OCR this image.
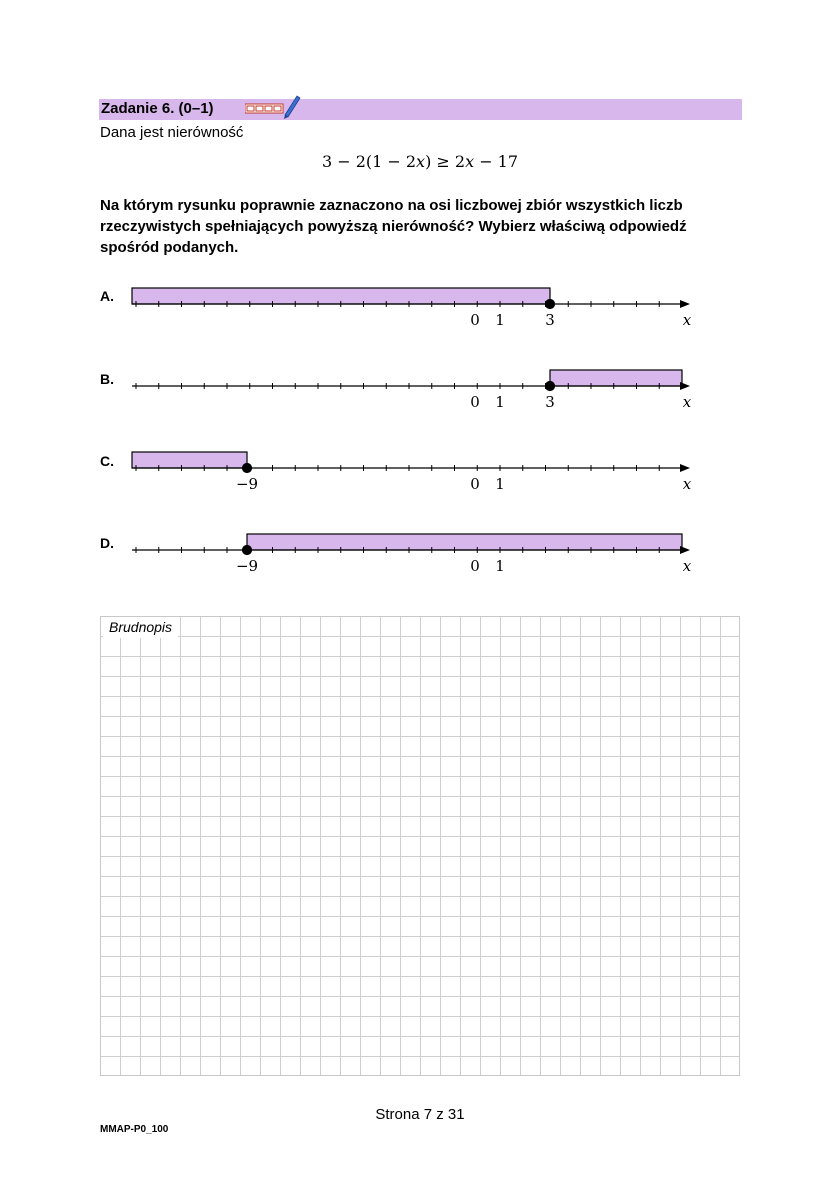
Zadanie 6. (0–1)
Dana jest nierówność
3 − 2(1 − 2𝑥) ≥ 2𝑥 − 17
Na którym rysunku poprawnie zaznaczono na osi liczbowej zbiór wszystkich liczb rzeczywistych spełniających powyższą nierówność? Wybierz właściwą odpowiedź spośród podanych.
A.
B.
C.
D.
0 1	3	𝑥
0 1	3	𝑥
−9	0 1	𝑥
−9	0 1	𝑥
Brudnopis
Strona 7 z 31
MMAP-P0_100
